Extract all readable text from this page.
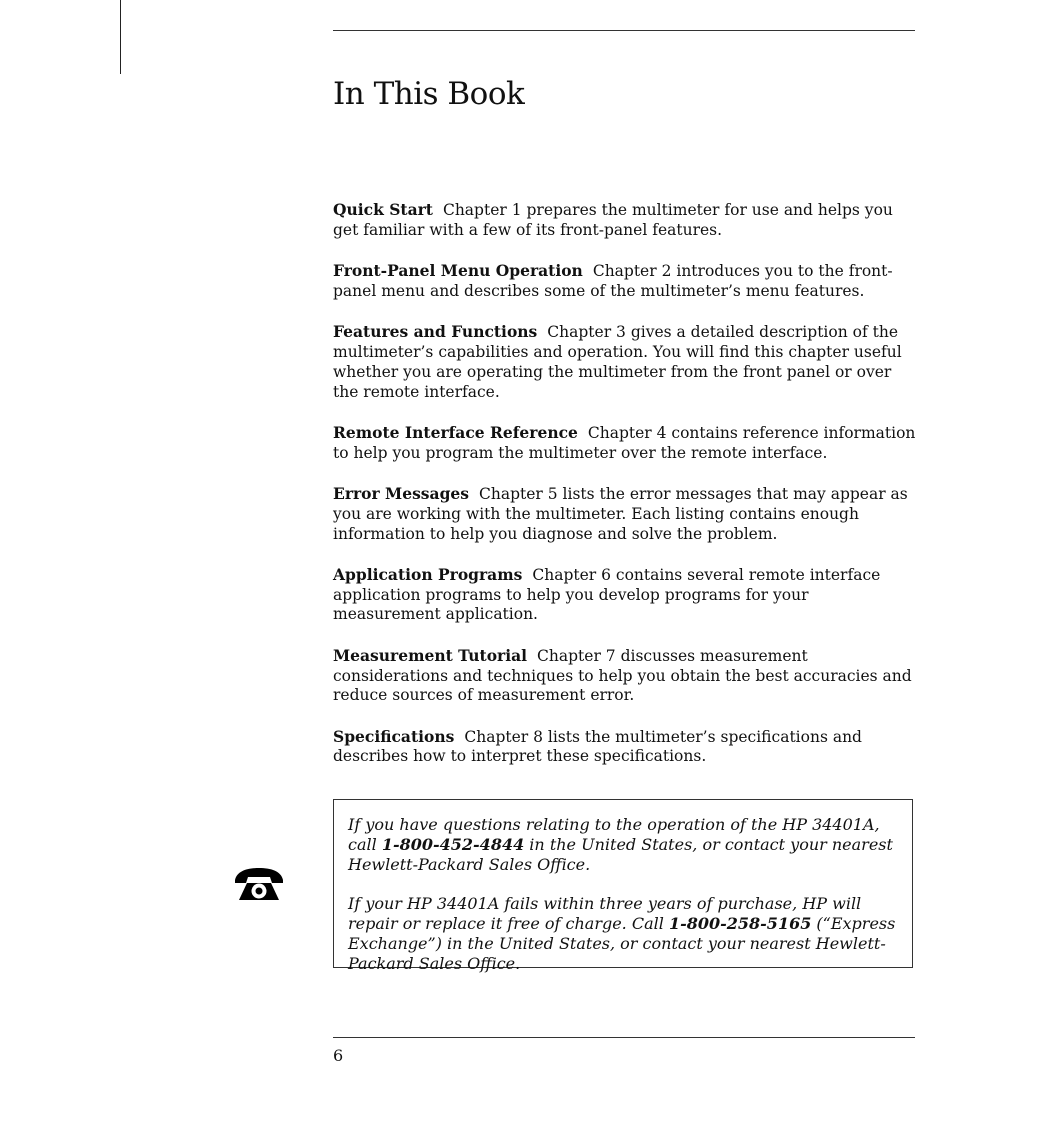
In This Book

Quick Start Chapter 1 prepares the multimeter for use and helps you get familiar with a few of its front-panel features.

Front-Panel Menu Operation Chapter 2 introduces you to the front-panel menu and describes some of the multimeter’s menu features.

Features and Functions Chapter 3 gives a detailed description of the multimeter’s capabilities and operation. You will find this chapter useful whether you are operating the multimeter from the front panel or over the remote interface.

Remote Interface Reference Chapter 4 contains reference information to help you program the multimeter over the remote interface.

Error Messages Chapter 5 lists the error messages that may appear as you are working with the multimeter. Each listing contains enough information to help you diagnose and solve the problem.

Application Programs Chapter 6 contains several remote interface application programs to help you develop programs for your measurement application.

Measurement Tutorial Chapter 7 discusses measurement considerations and techniques to help you obtain the best accuracies and reduce sources of measurement error.

Specifications Chapter 8 lists the multimeter’s specifications and describes how to interpret these specifications.

If you have questions relating to the operation of the HP 34401A, call 1-800-452-4844 in the United States, or contact your nearest Hewlett-Packard Sales Office.

If your HP 34401A fails within three years of purchase, HP will repair or replace it free of charge. Call 1-800-258-5165 (“Express Exchange”) in the United States, or contact your nearest Hewlett-Packard Sales Office.

6
